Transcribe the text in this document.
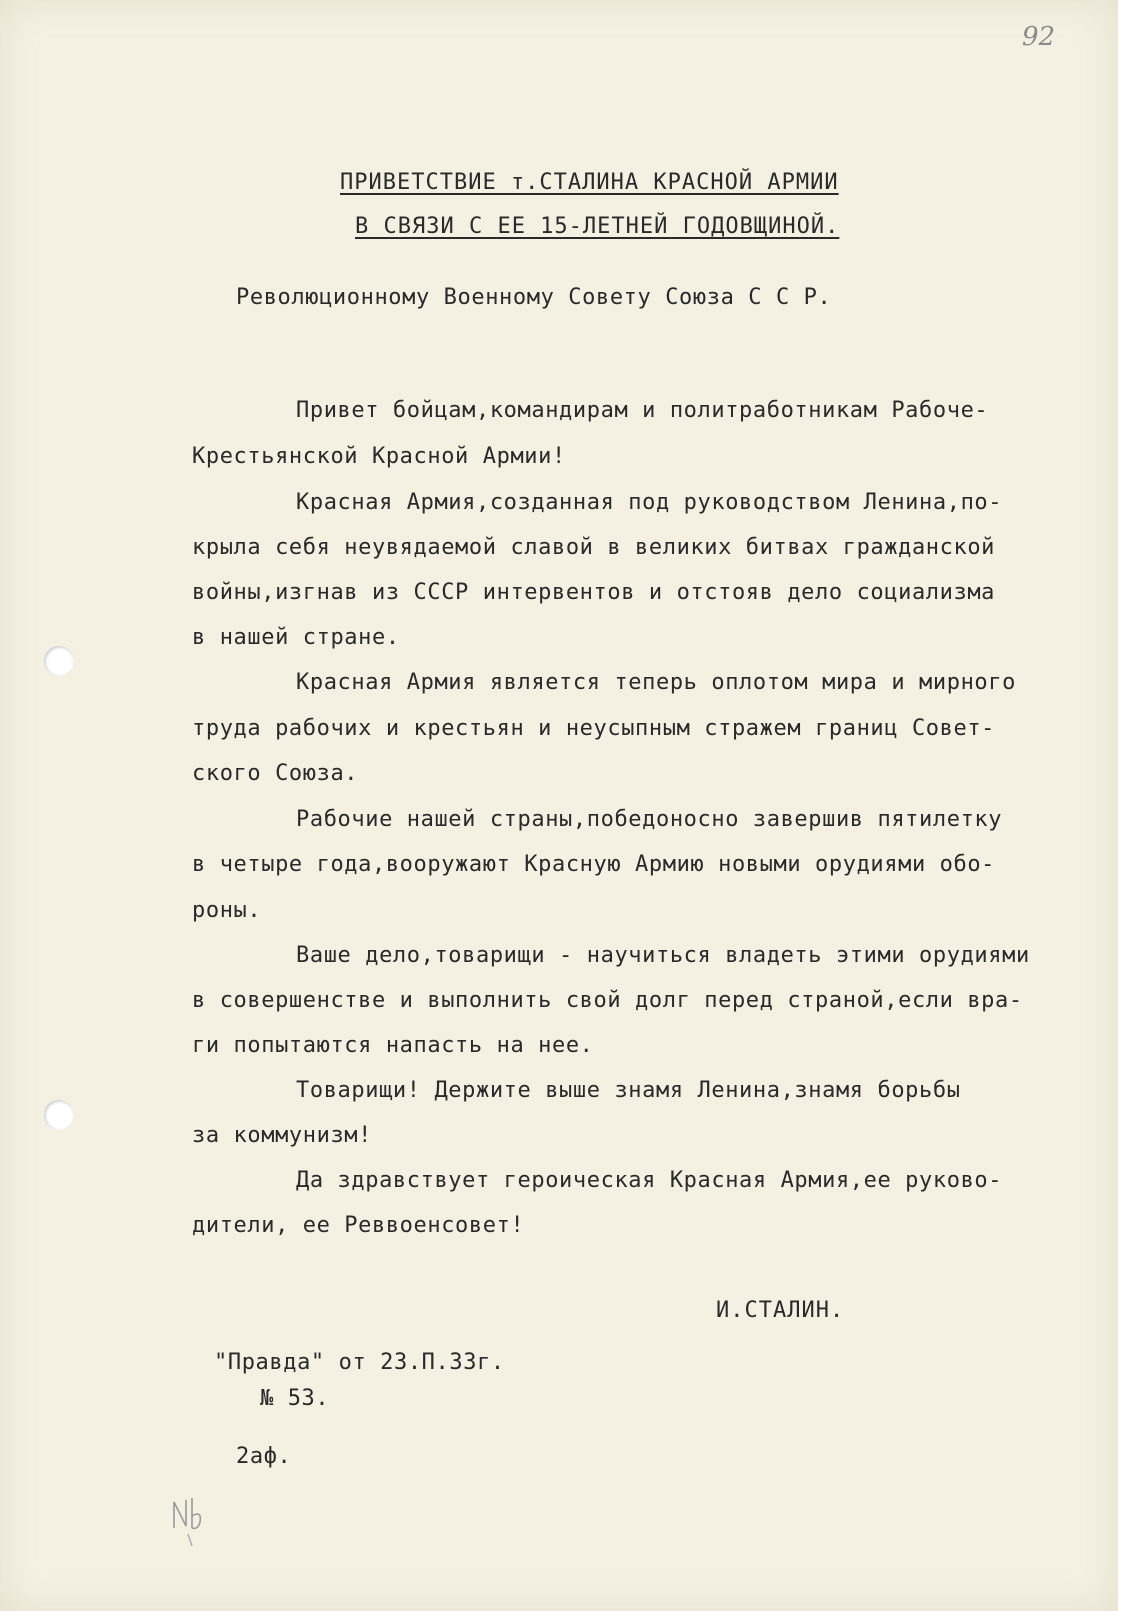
92
ПРИВЕТСТВИЕ т.СТАЛИНА КРАСНОЙ АРМИИ
В СВЯЗИ С ЕЕ 15-ЛЕТНЕЙ ГОДОВЩИНОЙ.
Революционному Военному Совету Союза С С Р.
Привет бойцам,командирам и политработникам Рабоче-
Крестьянской Красной Армии!
Красная Армия,созданная под руководством Ленина,по-
крыла себя неувядаемой славой в великих битвах гражданской
войны,изгнав из СССР интервентов и отстояв дело социализма
в нашей стране.
Красная Армия является теперь оплотом мира и мирного
труда рабочих и крестьян и неусыпным стражем границ Совет-
ского Союза.
Рабочие нашей страны,победоносно завершив пятилетку
в четыре года,вооружают Красную Армию новыми орудиями обо-
роны.
Ваше дело,товарищи - научиться владеть этими орудиями
в совершенстве и выполнить свой долг перед страной,если вра-
ги попытаются напасть на нее.
Товарищи! Держите выше знамя Ленина,знамя борьбы
за коммунизм!
Да здравствует героическая Красная Армия,ее руково-
дители, ее Реввоенсовет!
И.СТАЛИН.
"Правда" от 23.П.33г.
№ 53.
2аф.
